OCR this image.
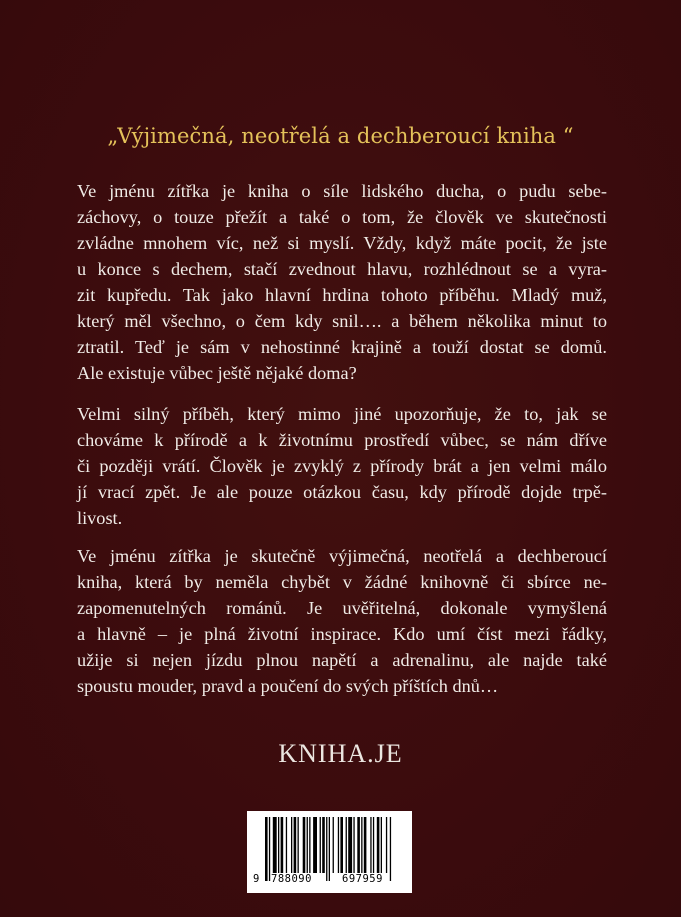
„Výjimečná, neotřelá a dechberoucí kniha “
Ve jménu zítřka je kniha o síle lidského ducha, o pudu sebe-
záchovy, o touze přežít a také o tom, že člověk ve skutečnosti
zvládne mnohem víc, než si myslí. Vždy, když máte pocit, že jste
u konce s dechem, stačí zvednout hlavu, rozhlédnout se a vyra-
zit kupředu. Tak jako hlavní hrdina tohoto příběhu. Mladý muž,
který měl všechno, o čem kdy snil…. a během několika minut to
ztratil. Teď je sám v nehostinné krajině a touží dostat se domů.
Ale existuje vůbec ještě nějaké doma?
Velmi silný příběh, který mimo jiné upozorňuje, že to, jak se
chováme k přírodě a k životnímu prostředí vůbec, se nám dříve
či později vrátí. Člověk je zvyklý z přírody brát a jen velmi málo
jí vrací zpět. Je ale pouze otázkou času, kdy přírodě dojde trpě-
livost.
Ve jménu zítřka je skutečně výjimečná, neotřelá a dechberoucí
kniha, která by neměla chybět v žádné knihovně či sbírce ne-
zapomenutelných románů. Je uvěřitelná, dokonale vymyšlená
a hlavně – je plná životní inspirace. Kdo umí číst mezi řádky,
užije si nejen jízdu plnou napětí a adrenalinu, ale najde také
spoustu mouder, pravd a poučení do svých příštích dnů…
KNIHA.JE
9 788090	697959
